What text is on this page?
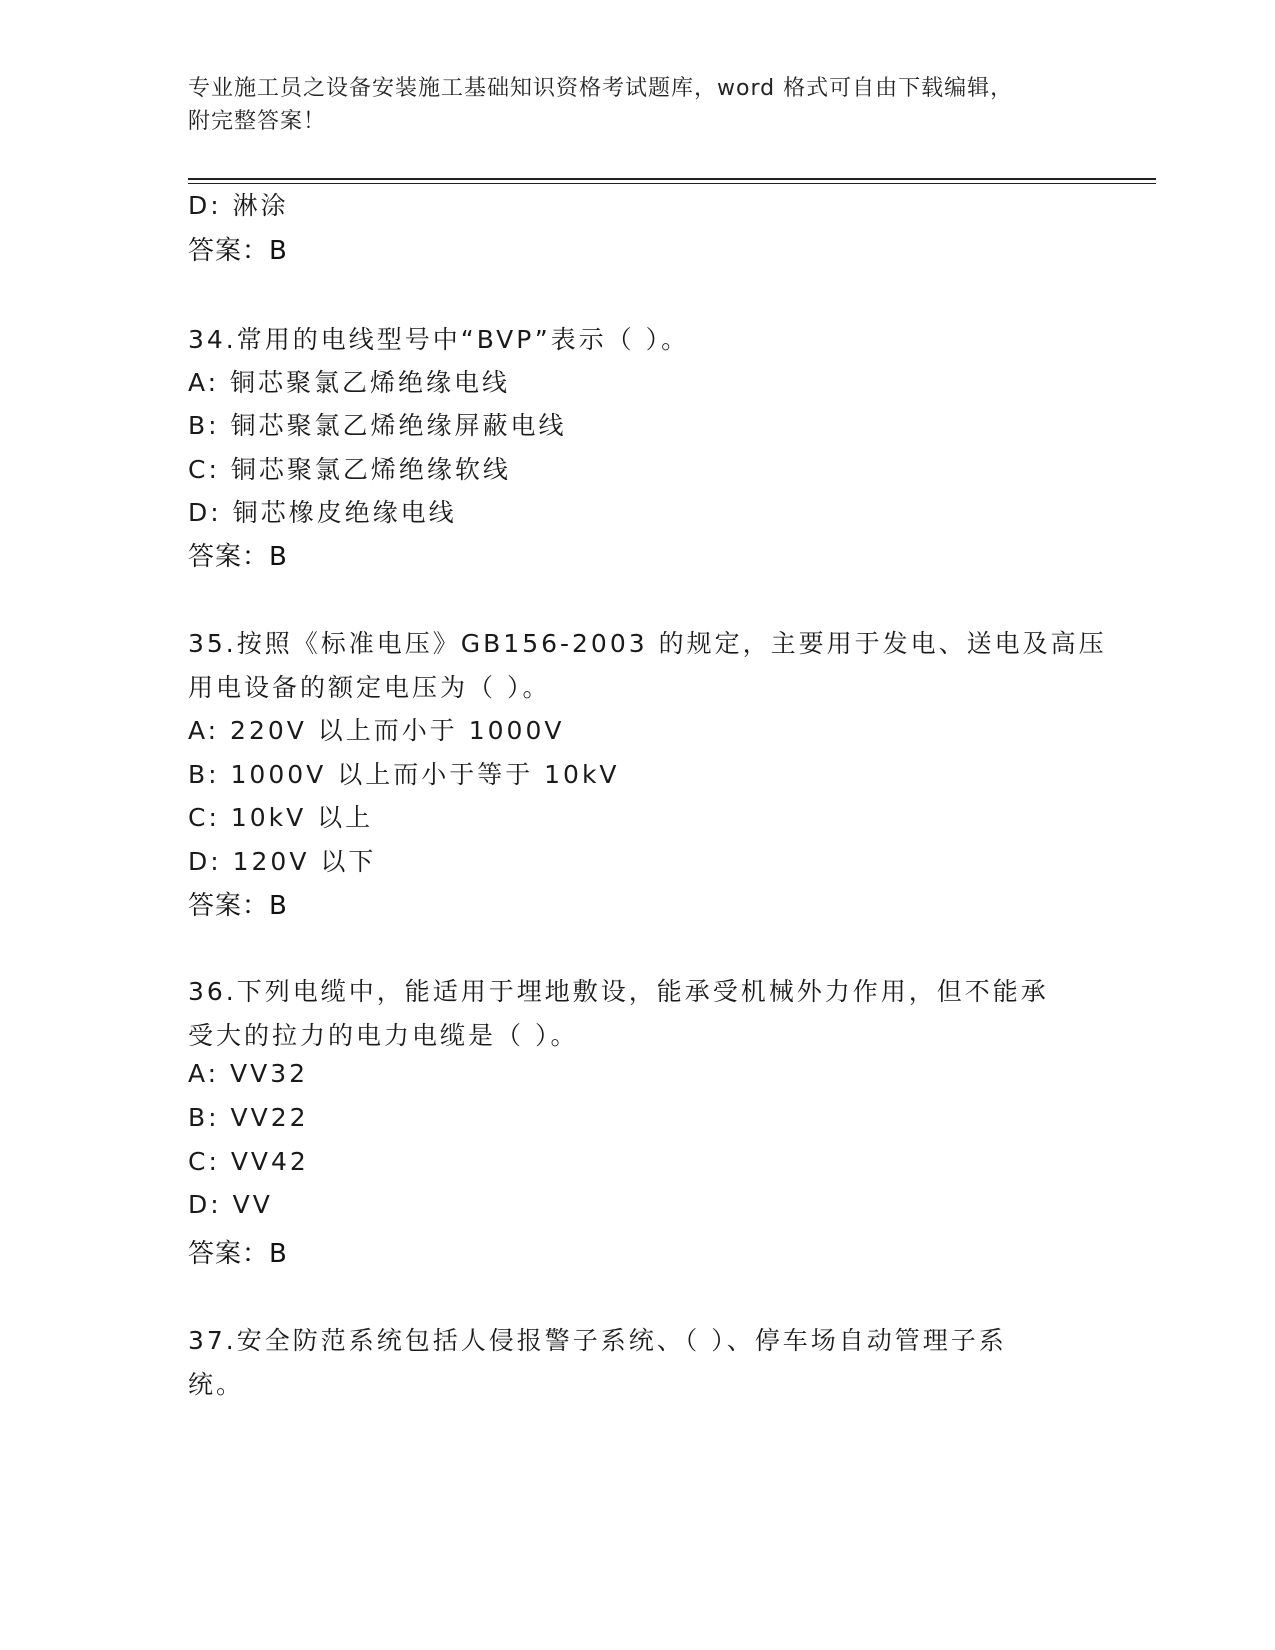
专业施工员之设备安装施工基础知识资格考试题库，word 格式可自由下载编辑，
附完整答案！
D: 淋涂
答案：B
34.常用的电线型号中“BVP”表示（ ）。
A: 铜芯聚氯乙烯绝缘电线
B: 铜芯聚氯乙烯绝缘屏蔽电线
C: 铜芯聚氯乙烯绝缘软线
D: 铜芯橡皮绝缘电线
答案：B
35.按照《标准电压》GB156-2003 的规定，主要用于发电、送电及高压
用电设备的额定电压为（ ）。
A: 220V 以上而小于 1000V
B: 1000V 以上而小于等于 10kV
C: 10kV 以上
D: 120V 以下
答案：B
36.下列电缆中，能适用于埋地敷设，能承受机械外力作用，但不能承
受大的拉力的电力电缆是（ ）。
A: VV32
B: VV22
C: VV42
D: VV
答案：B
37.安全防范系统包括人侵报警子系统、（ ）、停车场自动管理子系
统。
